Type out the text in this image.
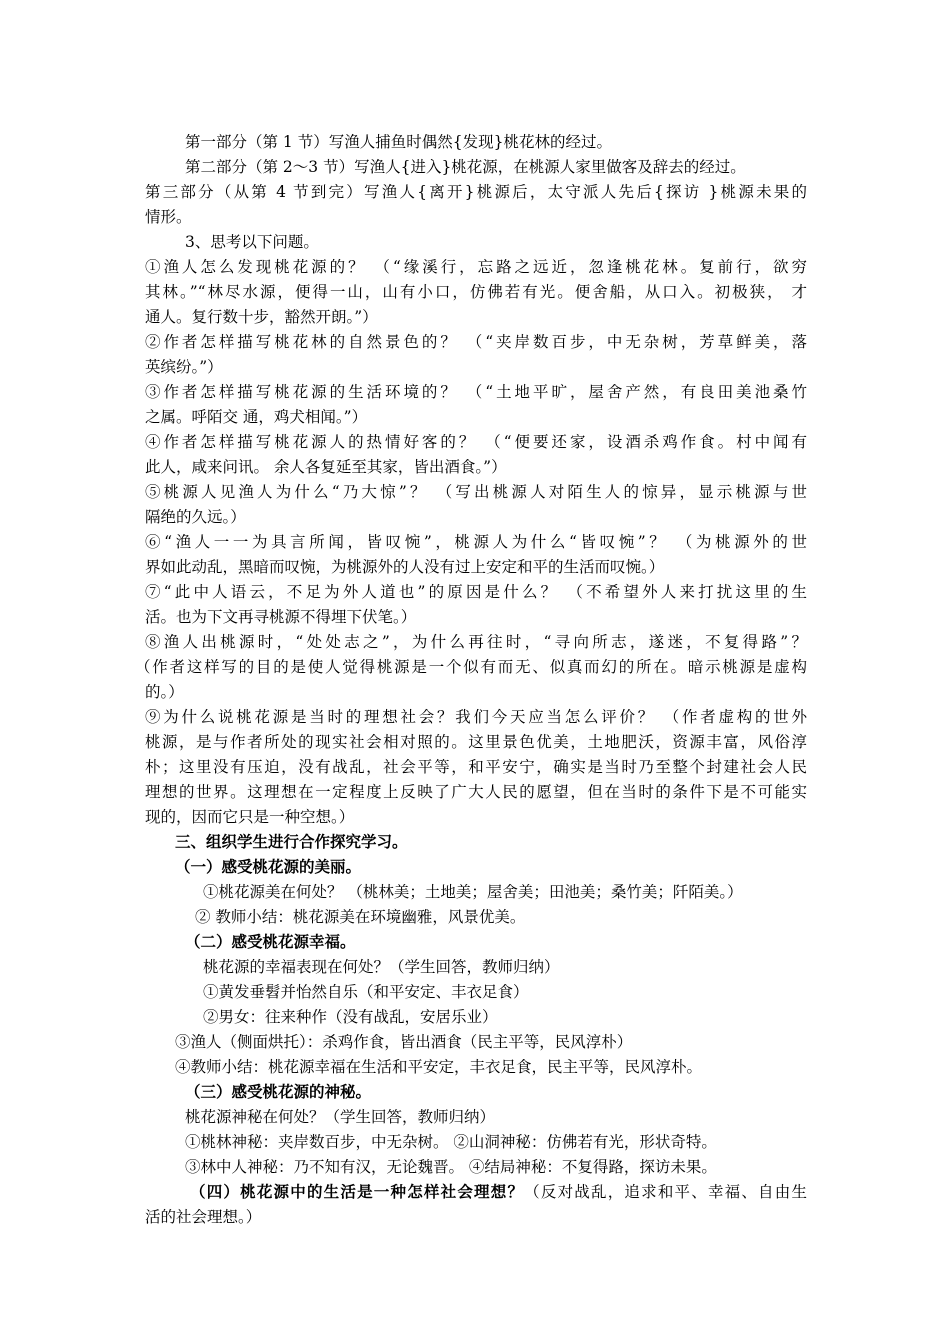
第一部分（第 1 节）写渔人捕鱼时偶然{发现}桃花林的经过。
第二部分（第 2～3 节）写渔人{进入}桃花源，在桃源人家里做客及辞去的经过。
第三部分（从第 4 节到完）写渔人{离开}桃源后，太守派人先后{探访 }桃源未果的
情形。
3、思考以下问题。
①渔人怎么发现桃花源的？ （“缘溪行，忘路之远近，忽逢桃花林。复前行，欲穷
其林。”“林尽水源，便得一山，山有小口，仿佛若有光。便舍船，从口入。初极狭， 才
通人。复行数十步，豁然开朗。”）
②作者怎样描写桃花林的自然景色的？ （“夹岸数百步，中无杂树，芳草鲜美，落
英缤纷。”）
③作者怎样描写桃花源的生活环境的？ （“土地平旷，屋舍产然，有良田美池桑竹
之属。呼陌交 通，鸡犬相闻。”）
④作者怎样描写桃花源人的热情好客的？ （“便要还家，设酒杀鸡作食。村中闻有
此人，咸来问讯。 余人各复延至其家，皆出酒食。”）
⑤桃源人见渔人为什么“乃大惊”？ （写出桃源人对陌生人的惊异，显示桃源与世
隔绝的久远。）
⑥“渔人一一为具言所闻，皆叹惋”，桃源人为什么“皆叹惋”？ （为桃源外的世
界如此动乱，黑暗而叹惋，为桃源外的人没有过上安定和平的生活而叹惋。）
⑦“此中人语云，不足为外人道也”的原因是什么？ （不希望外人来打扰这里的生
活。也为下文再寻桃源不得埋下伏笔。）
⑧渔人出桃源时，“处处志之”，为什么再往时，“寻向所志，遂迷，不复得路”？
（作者这样写的目的是使人觉得桃源是一个似有而无、似真而幻的所在。暗示桃源是虚构
的。）
⑨为什么说桃花源是当时的理想社会？我们今天应当怎么评价？ （作者虚构的世外
桃源，是与作者所处的现实社会相对照的。这里景色优美，土地肥沃，资源丰富，风俗淳
朴；这里没有压迫，没有战乱，社会平等，和平安宁，确实是当时乃至整个封建社会人民
理想的世界。这理想在一定程度上反映了广大人民的愿望，但在当时的条件下是不可能实
现的，因而它只是一种空想。）
三、组织学生进行合作探究学习。
（一）感受桃花源的美丽。
①桃花源美在何处？ （桃林美；土地美；屋舍美；田池美；桑竹美；阡陌美。）
② 教师小结：桃花源美在环境幽雅，风景优美。
（二）感受桃花源幸福。
桃花源的幸福表现在何处？（学生回答，教师归纳）
①黄发垂髫并怡然自乐（和平安定、丰衣足食）
②男女：往来种作（没有战乱，安居乐业）
③渔人（侧面烘托）：杀鸡作食，皆出酒食（民主平等，民风淳朴）
④教师小结：桃花源幸福在生活和平安定，丰衣足食，民主平等，民风淳朴。
（三）感受桃花源的神秘。
桃花源神秘在何处？（学生回答，教师归纳）
①桃林神秘：夹岸数百步，中无杂树。 ②山洞神秘：仿佛若有光，形状奇特。
③林中人神秘：乃不知有汉，无论魏晋。 ④结局神秘：不复得路，探访未果。
（四）桃花源中的生活是一种怎样社会理想？（反对战乱，追求和平、幸福、自由生
活的社会理想。）
